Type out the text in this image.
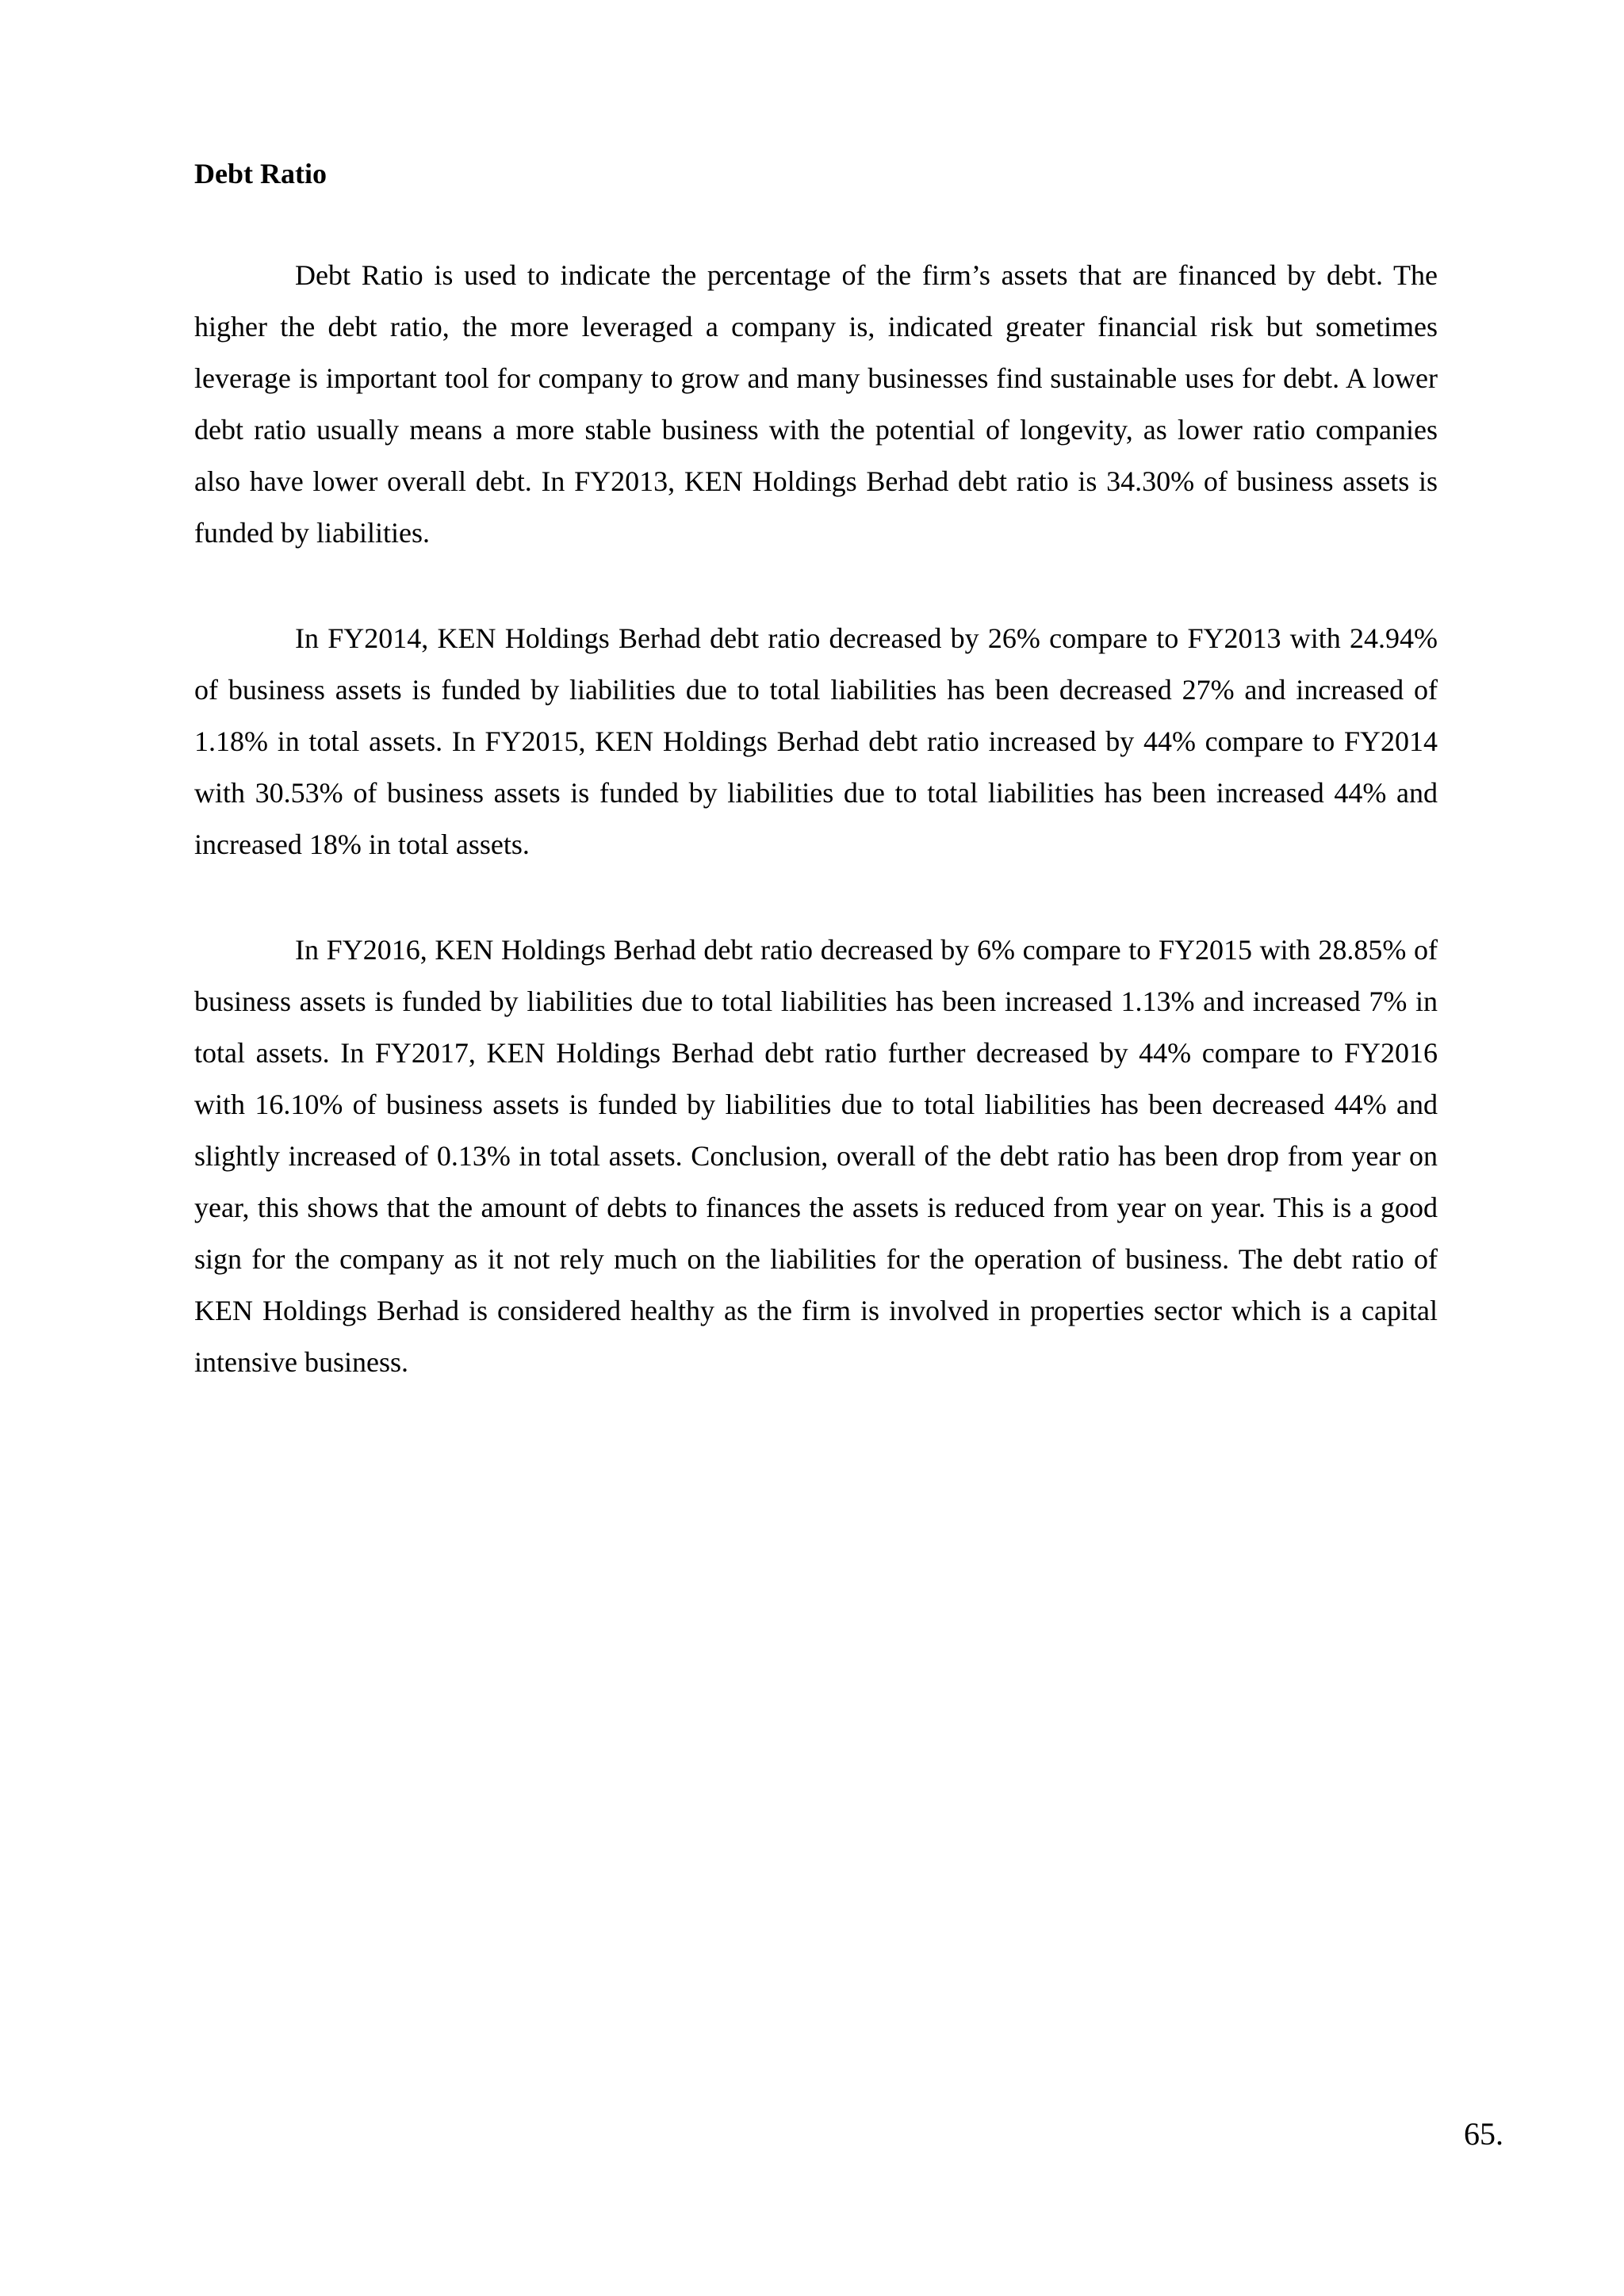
Debt Ratio

Debt Ratio is used to indicate the percentage of the firm’s assets that are financed by debt. The higher the debt ratio, the more leveraged a company is, indicated greater financial risk but sometimes leverage is important tool for company to grow and many businesses find sustainable uses for debt. A lower debt ratio usually means a more stable business with the potential of longevity, as lower ratio companies also have lower overall debt. In FY2013, KEN Holdings Berhad debt ratio is 34.30% of business assets is funded by liabilities.

In FY2014, KEN Holdings Berhad debt ratio decreased by 26% compare to FY2013 with 24.94% of business assets is funded by liabilities due to total liabilities has been decreased 27% and increased of 1.18% in total assets. In FY2015, KEN Holdings Berhad debt ratio increased by 44% compare to FY2014 with 30.53% of business assets is funded by liabilities due to total liabilities has been increased 44% and increased 18% in total assets.

In FY2016, KEN Holdings Berhad debt ratio decreased by 6% compare to FY2015 with 28.85% of business assets is funded by liabilities due to total liabilities has been increased 1.13% and increased 7% in total assets. In FY2017, KEN Holdings Berhad debt ratio further decreased by 44% compare to FY2016 with 16.10% of business assets is funded by liabilities due to total liabilities has been decreased 44% and slightly increased of 0.13% in total assets. Conclusion, overall of the debt ratio has been drop from year on year, this shows that the amount of debts to finances the assets is reduced from year on year. This is a good sign for the company as it not rely much on the liabilities for the operation of business. The debt ratio of KEN Holdings Berhad is considered healthy as the firm is involved in properties sector which is a capital intensive business.

65.
